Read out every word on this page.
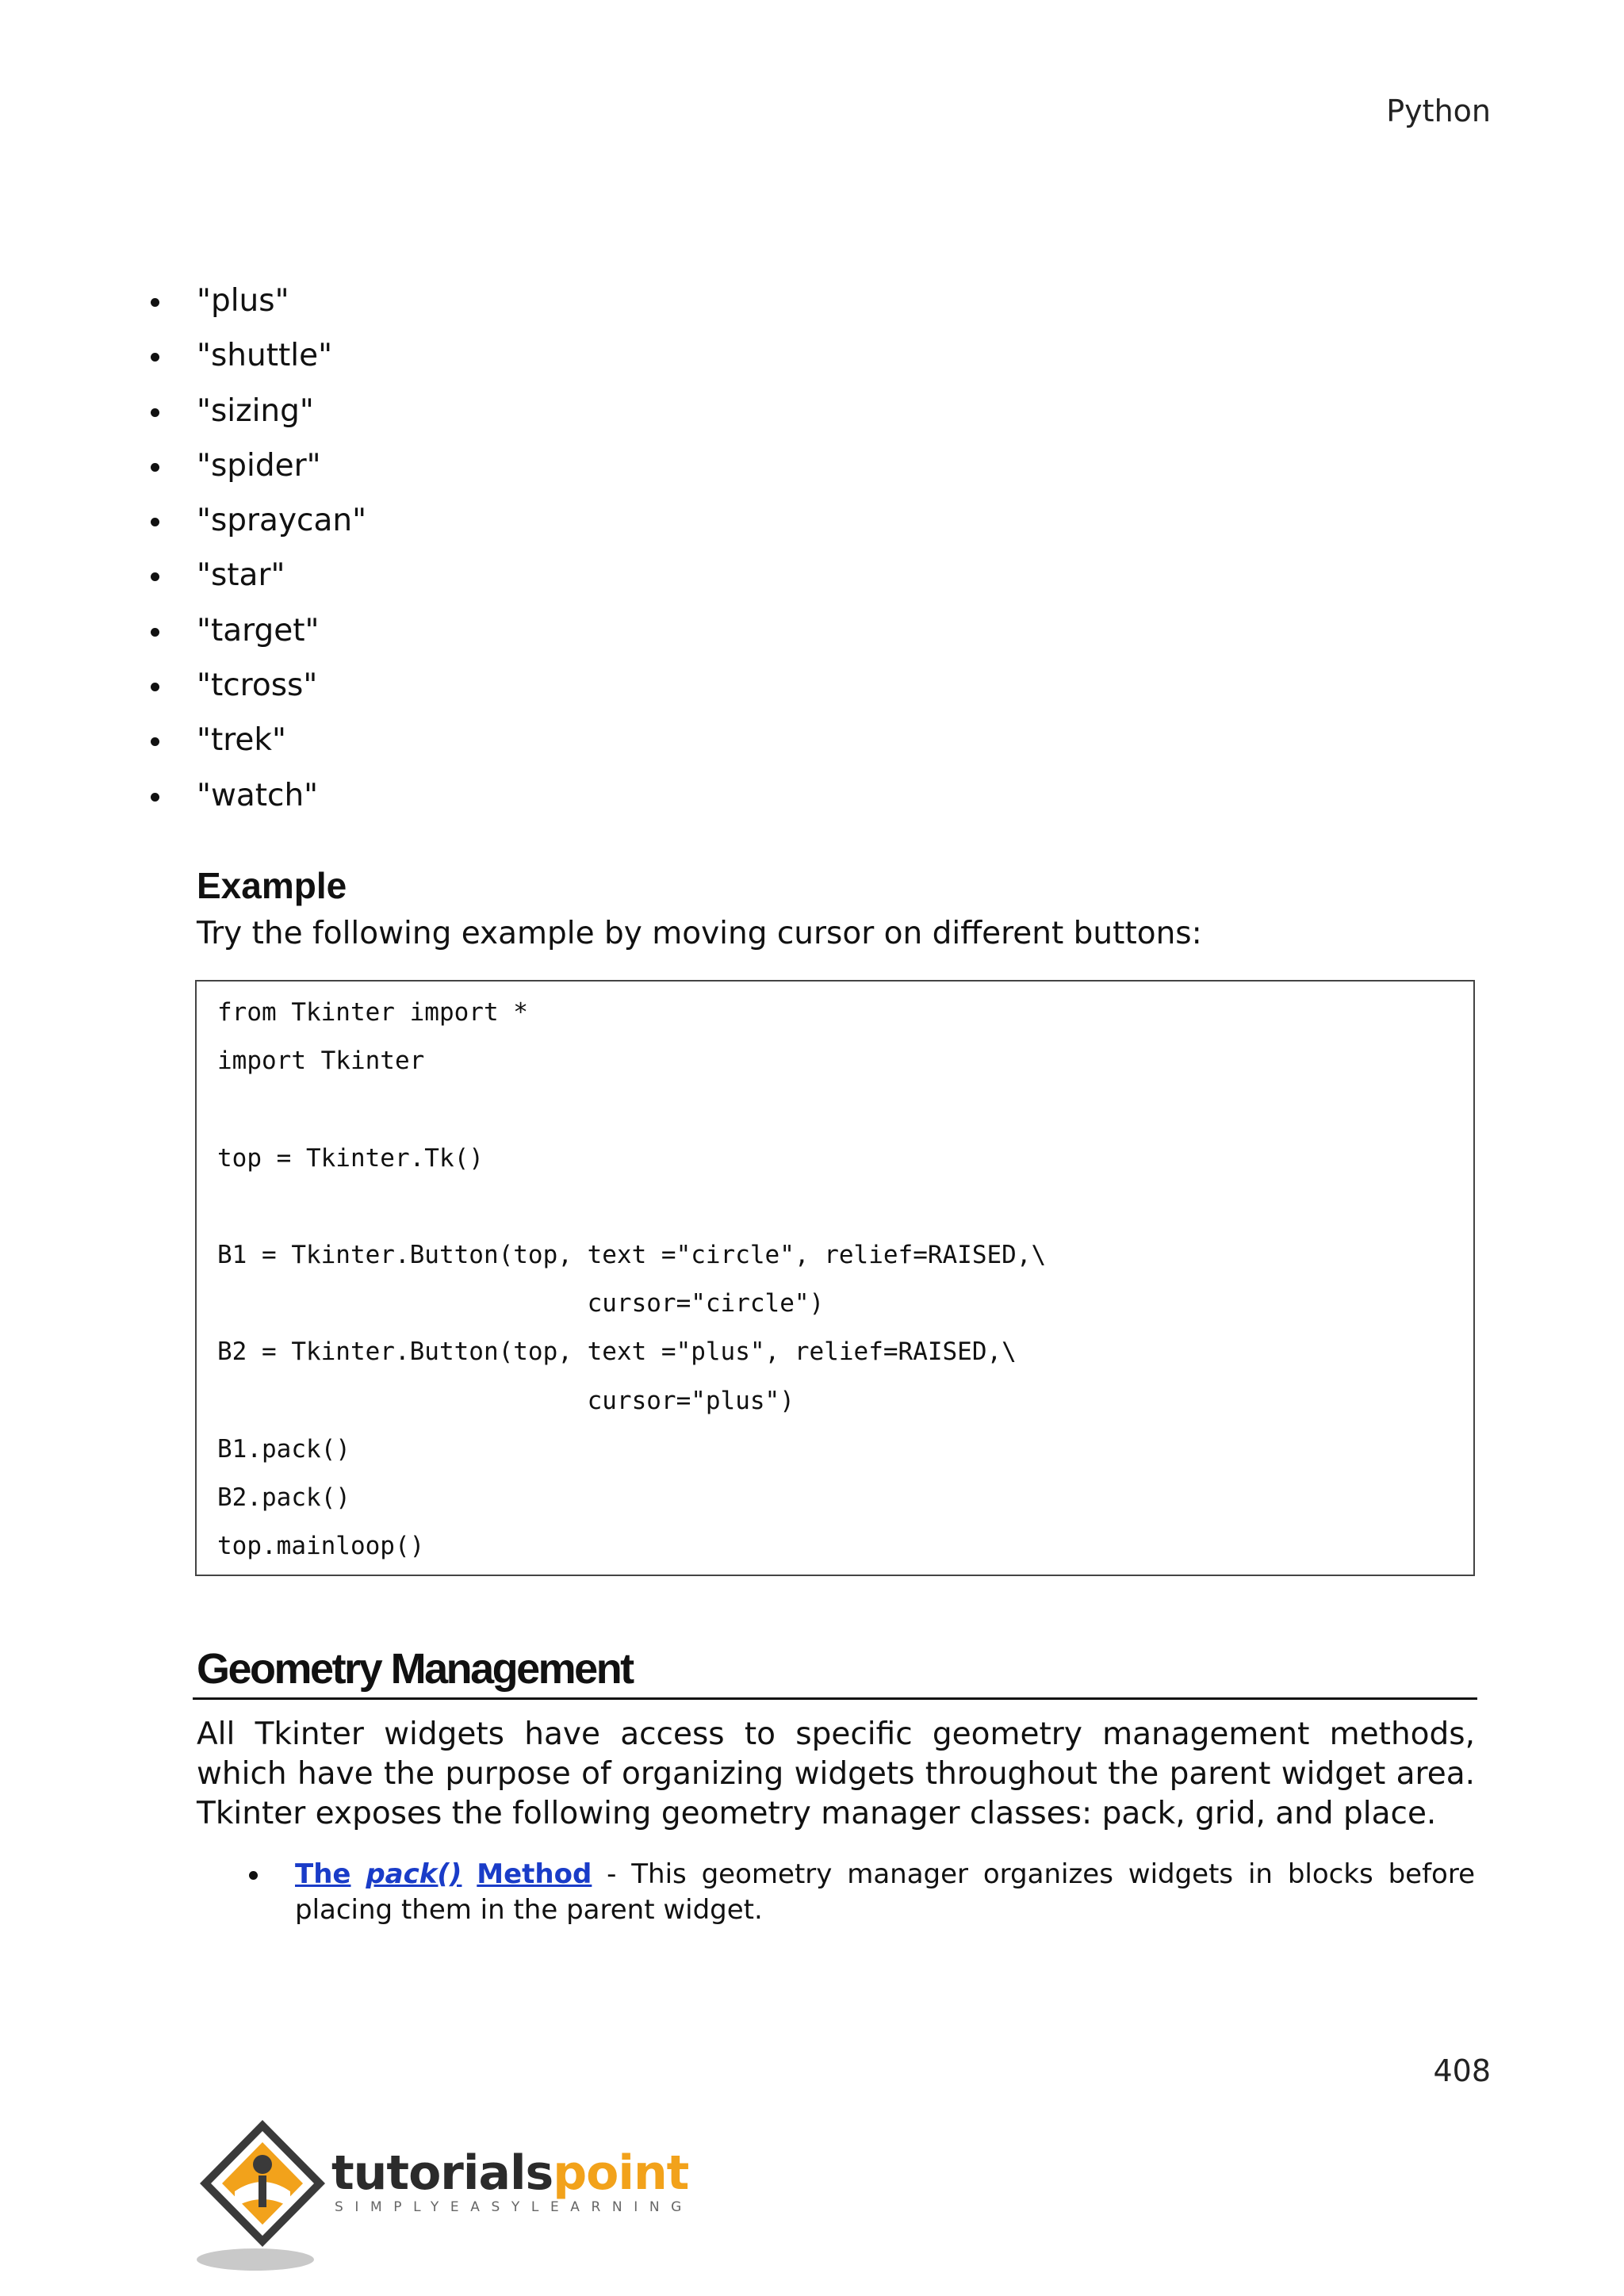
Python
"plus"
"shuttle"
"sizing"
"spider"
"spraycan"
"star"
"target"
"tcross"
"trek"
"watch"
Example

Try the following example by moving cursor on different buttons:

from Tkinter import *
import Tkinter
top = Tkinter.Tk()
B1 = Tkinter.Button(top, text ="circle", relief=RAISED,\
cursor="circle")
B2 = Tkinter.Button(top, text ="plus", relief=RAISED,\
cursor="plus")
B1.pack()
B2.pack()
top.mainloop()
Geometry Management

All Tkinter widgets have access to specific geometry management methods, which have the purpose of organizing widgets throughout the parent widget area. Tkinter exposes the following geometry manager classes: pack, grid, and place.

The pack() Method - This geometry manager organizes widgets in blocks before placing them in the parent widget.
408
tutorialspoint
SIMPLYEASYLEARNING
